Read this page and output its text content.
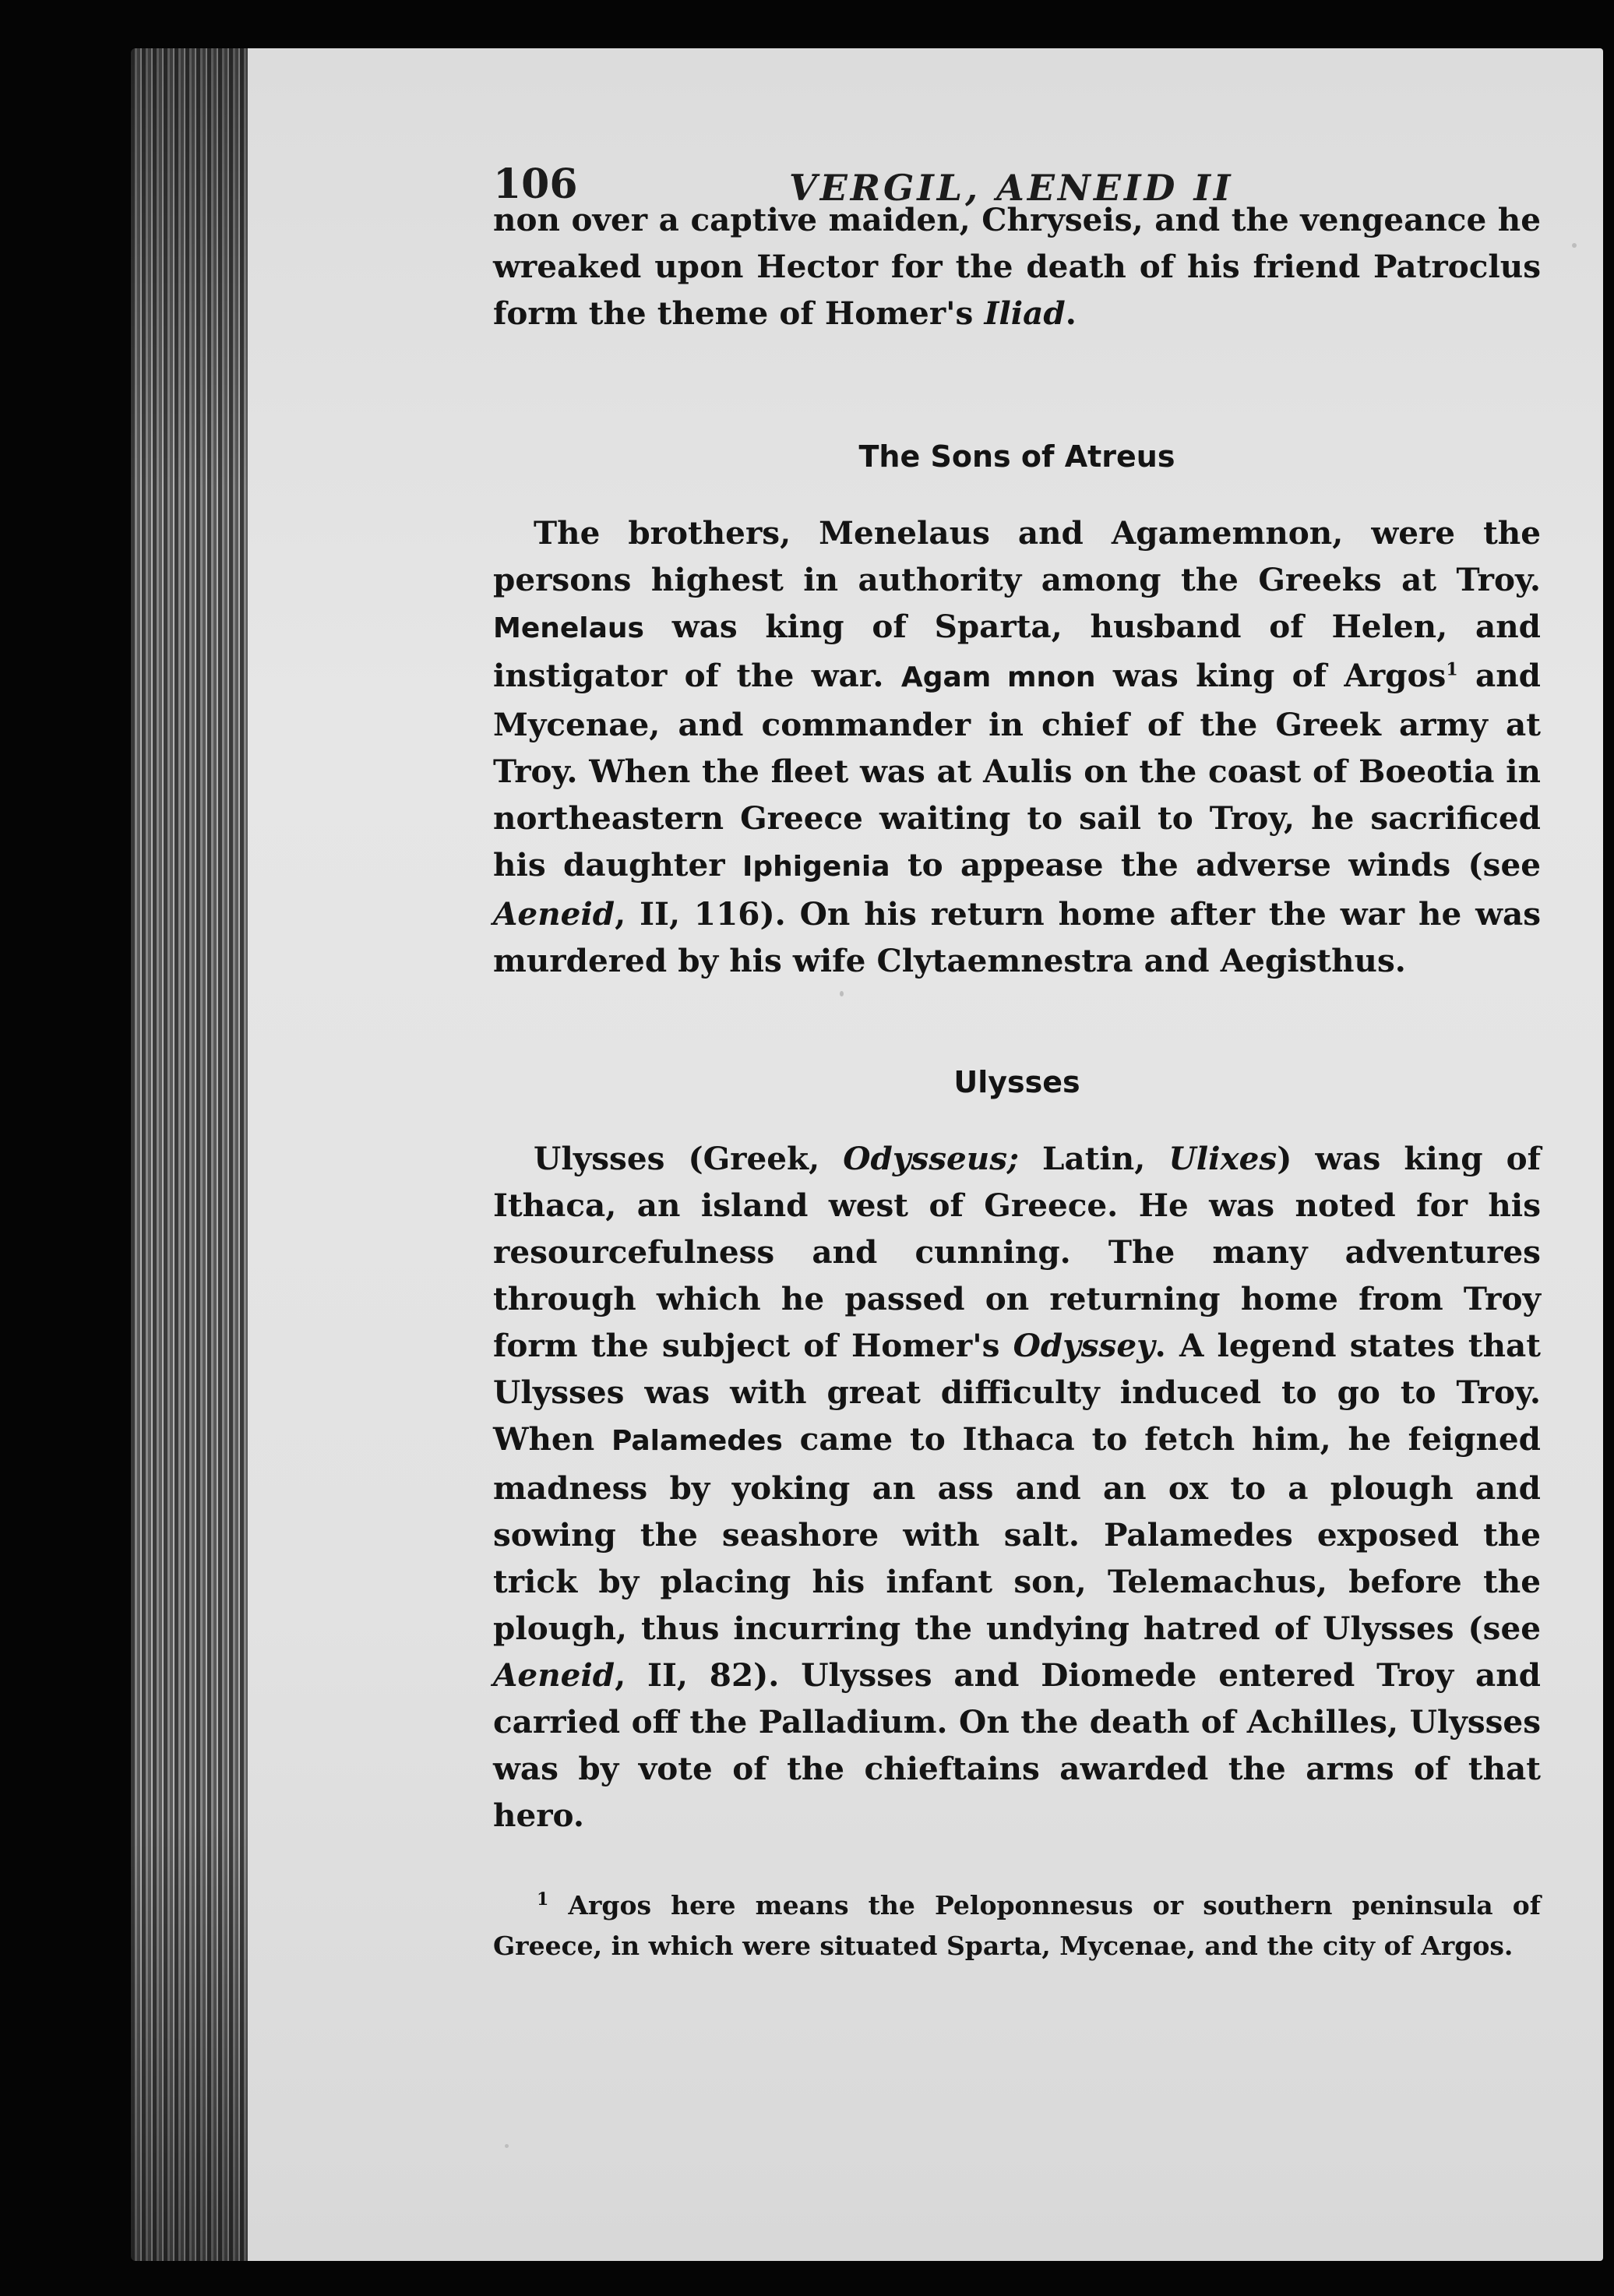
106	VERGIL, AENEID II

non over a captive maiden, Chryseis, and the vengeance he wreaked upon Hector for the death of his friend Patroclus form the theme of Homer's Iliad.

The Sons of Atreus

The brothers, Menelaus and Agamemnon, were the persons highest in authority among the Greeks at Troy. Menelaus was king of Sparta, husband of Helen, and instigator of the war. Agam mnon was king of Argos$^1$ and Mycenae, and commander in chief of the Greek army at Troy. When the fleet was at Aulis on the coast of Boeotia in northeastern Greece waiting to sail to Troy, he sacrificed his daughter Iphigenia to appease the adverse winds (see Aeneid, II, 116). On his return home after the war he was murdered by his wife Clytaemnestra and Aegisthus.

Ulysses

Ulysses (Greek, Odysseus; Latin, Ulixes) was king of Ithaca, an island west of Greece. He was noted for his resourcefulness and cunning. The many adventures through which he passed on returning home from Troy form the subject of Homer's Odyssey. A legend states that Ulysses was with great difficulty induced to go to Troy. When Palamedes came to Ithaca to fetch him, he feigned madness by yoking an ass and an ox to a plough and sowing the seashore with salt. Palamedes exposed the trick by placing his infant son, Telemachus, before the plough, thus incurring the undying hatred of Ulysses (see Aeneid, II, 82). Ulysses and Diomede entered Troy and carried off the Palladium. On the death of Achilles, Ulysses was by vote of the chieftains awarded the arms of that hero.

$^1$ Argos here means the Peloponnesus or southern peninsula of Greece, in which were situated Sparta, Mycenae, and the city of Argos.
